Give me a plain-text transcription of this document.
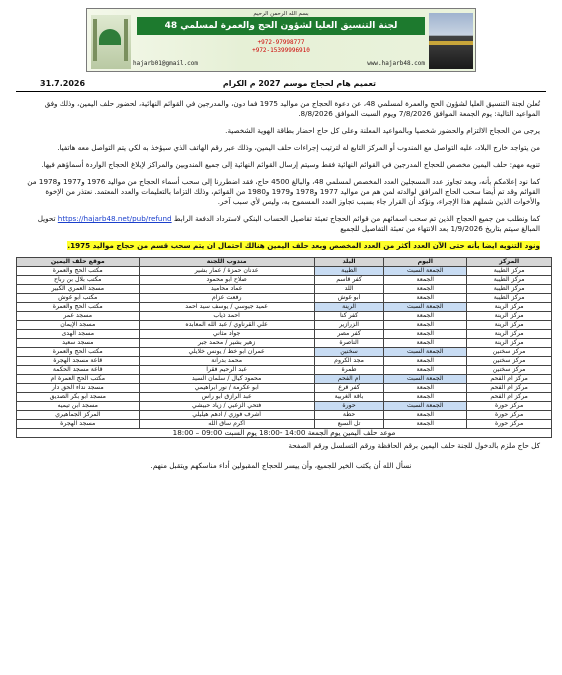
بسم الله الرحمن الرحيم
لجنة التنسيق العليا لشؤون الحج والعمرة لمسلمي 48
+972-97998777
+972-15399996910
hajarb01@gmail.com	www.hajarb48.com
31.7.2026	تعميم هام لحجاج موسم 2027 م الكرام

تُعلن لجنة التنسيق العليا لشؤون الحج والعمرة لمسلمي 48، عن دعوة الحجاج من مواليد 1975 فما دون، والمدرجين في القوائم النهائية، لحضور حلف اليمين، وذلك وفق المواعيد التالية: يوم الجمعة الموافق 7/8/2026 ويوم السبت الموافق 8/8/2026.

يرجى من الحجاج الالتزام والحضور شخصيا وبالمواعيد المعلنة وعلى كل حاج احضار بطاقة الهوية الشخصية.

من يتواجد خارج البلاد، عليه التواصل مع المندوب أو المركز التابع له لترتيب إجراءات حلف اليمين، وذلك عبر رقم الهاتف الذي سيؤخذ به لكي يتم التواصل معه هاتفيا.

تنويه مهم: حلف اليمين مخصص للحجاج المدرجين في القوائم النهائية فقط وسيتم إرسال القوائم النهائية إلى جميع المندوبين والمراكز لإبلاغ الحجاج الواردة أسماؤهم فيها.

كما نود إعلامكم بأنه، وبعد تجاوز عدد المسجلين العدد المخصص لمسلمي 48، والبالغ 4500 حاج، فقد اضطررنا إلى سحب أسماء الحجاج من مواليد 1976 و1977 و1978 من القوائم وقد تم أيضا سحب الحاج المرافق لوالدته لمن هم من مواليد 1977 و1978 و1979 و1980 من القوائم، وذلك التزاما بالتعليمات والعدد المعتمد. نعتذر من الإخوة والأخوات الذين شملهم هذا الإجراء، ونؤكد أن القرار جاء بسبب تجاوز العدد المسموح به، وليس لأي سبب آخر.

كما ونطلب من جميع الحجاج الذين تم سحب اسمائهم من قوائم الحجاج تعبئة تفاصيل الحساب البنكي لاسترداد الدفعة الرابط https://hajarb48.net/pub/refund تحويل المبالغ سيتم بتاريخ 1/9/2026 بعد الانتهاء من تعبئة التفاصيل للجميع

ونود التنويه ايضا بأنه حتى الآن العدد أكثر من العدد المخصص وبعد حلف اليمين هنالك احتمال ان يتم سحب قسم من حجاج مواليد 1975.

المركز	اليوم	البلد	مندوب اللجنة	موقع حلف اليمين
مركز الطيبة	الجمعة السبت	الطيبة	عدنان حمزة / عمار بشير	مكتب الحج والعمرة
مركز الطيبة	الجمعة	كفر قاسم	صلاح ابو محمود	مكتب بلال بن رباح
مركز الطيبة	الجمعة	اللد	عماد محاميد	مسجد العمري الكبير
مركز الطيبة	الجمعة	أبو غوش	رفعت عزام	مكتب أبو غوش
مركز الرينة	الجمعة السبت	الرينة	عميد جيوسي / يوسف سيد احمد	مكتب الحج والعمرة
مركز الرينة	الجمعة	كفر كنا	احمد ذياب	مسجد عمر
مركز الرينة	الجمعة	الزرازير	علي القرناوي / عبد الله المعابده	مسجد الإيمان
مركز الرينة	الجمعة	كفر مصر	جواد مثاني	مسجد الهدى
مركز الرينة	الجمعة	الناصرة	زهير بشير / محمد جبر	مسجد سعيد
مركز سخنين	الجمعة السبت	سخنين	عمران ابو خط / يونس خلايلي	مكتب الحج والعمرة
مركز سخنين	الجمعة	مجد الكروم	محمد بدرانة	قاعة مسجد الهجرة
مركز سخنين	الجمعة	طمرة	عبد الرحيم فقرا	قاعة مسجد الحكمة
مركز ام الفحم	الجمعة السبت	ام الفحم	محمود كيال / سلمان السيد	مكتب الحج العمرة ام
مركز ام الفحم	الجمعة	كفر قرع	ابو عكرمة / نور ابراهيمي	مسجد نداء الحق دار
مركز ام الفحم	الجمعة	باقة الغربية	عبد الرازق أبو راس	مسجد أبو بكر الصديق
مركز حورة	الجمعة السبت	حورة	فتحي الزعبي / زياد حبيشي	مسجد ابن تيميه
مركز حورة	الجمعة	حطة	أشرف فوزي / ادهم هيليلي	المركز الجماهيري
مركز حورة	الجمعة	تل السبع	اكرم ساق الله	مسجد الهجرة
موعد حلف اليمين يوم الجمعة 14:00 -18:00 يوم السبت 09:00 – 18:00				
كل حاج ملزم بالدخول للجنة حلف اليمين برقم الحافظة ورقم التسلسل ورقم الصفحة
نسأل الله أن يكتب الخير للجميع، وأن ييسر للحجاج المقبولين أداء مناسكهم ويتقبل منهم.
